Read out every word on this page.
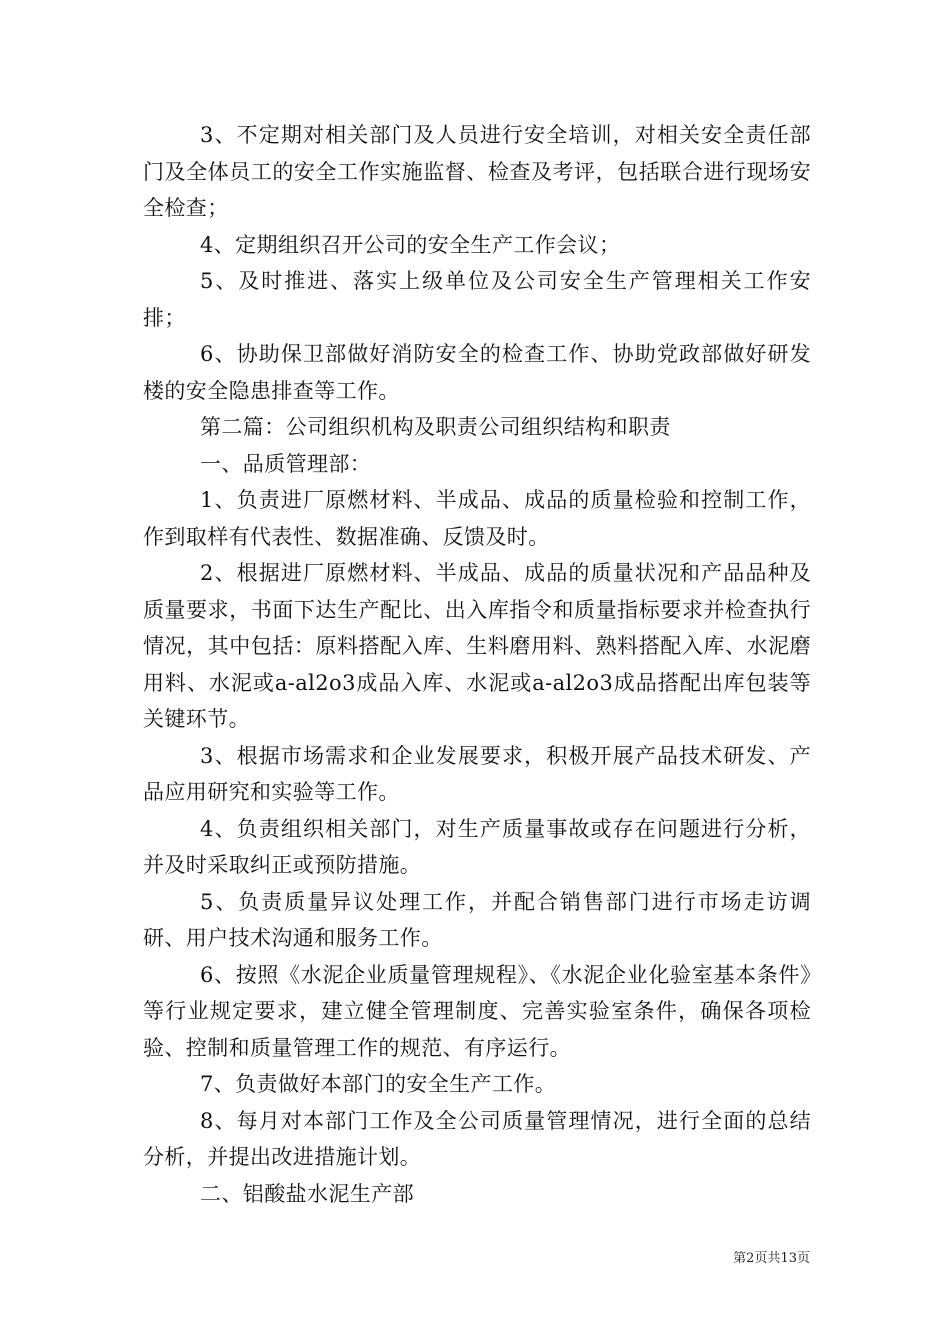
3、不定期对相关部门及人员进行安全培训，对相关安全责任部门及全体员工的安全工作实施监督、检查及考评，包括联合进行现场安全检查；

4、定期组织召开公司的安全生产工作会议；

5、及时推进、落实上级单位及公司安全生产管理相关工作安排；

6、协助保卫部做好消防安全的检查工作、协助党政部做好研发楼的安全隐患排查等工作。

第二篇：公司组织机构及职责公司组织结构和职责

一、品质管理部：

1、负责进厂原燃材料、半成品、成品的质量检验和控制工作，作到取样有代表性、数据准确、反馈及时。

2、根据进厂原燃材料、半成品、成品的质量状况和产品品种及质量要求，书面下达生产配比、出入库指令和质量指标要求并检查执行情况，其中包括：原料搭配入库、生料磨用料、熟料搭配入库、水泥磨用料、水泥或a-al2o3成品入库、水泥或a-al2o3成品搭配出库包装等关键环节。

3、根据市场需求和企业发展要求，积极开展产品技术研发、产品应用研究和实验等工作。

4、负责组织相关部门，对生产质量事故或存在问题进行分析，并及时采取纠正或预防措施。

5、负责质量异议处理工作，并配合销售部门进行市场走访调研、用户技术沟通和服务工作。

6、按照《水泥企业质量管理规程》、《水泥企业化验室基本条件》等行业规定要求，建立健全管理制度、完善实验室条件，确保各项检验、控制和质量管理工作的规范、有序运行。

7、负责做好本部门的安全生产工作。

8、每月对本部门工作及全公司质量管理情况，进行全面的总结分析，并提出改进措施计划。

二、铝酸盐水泥生产部

第2页共13页
